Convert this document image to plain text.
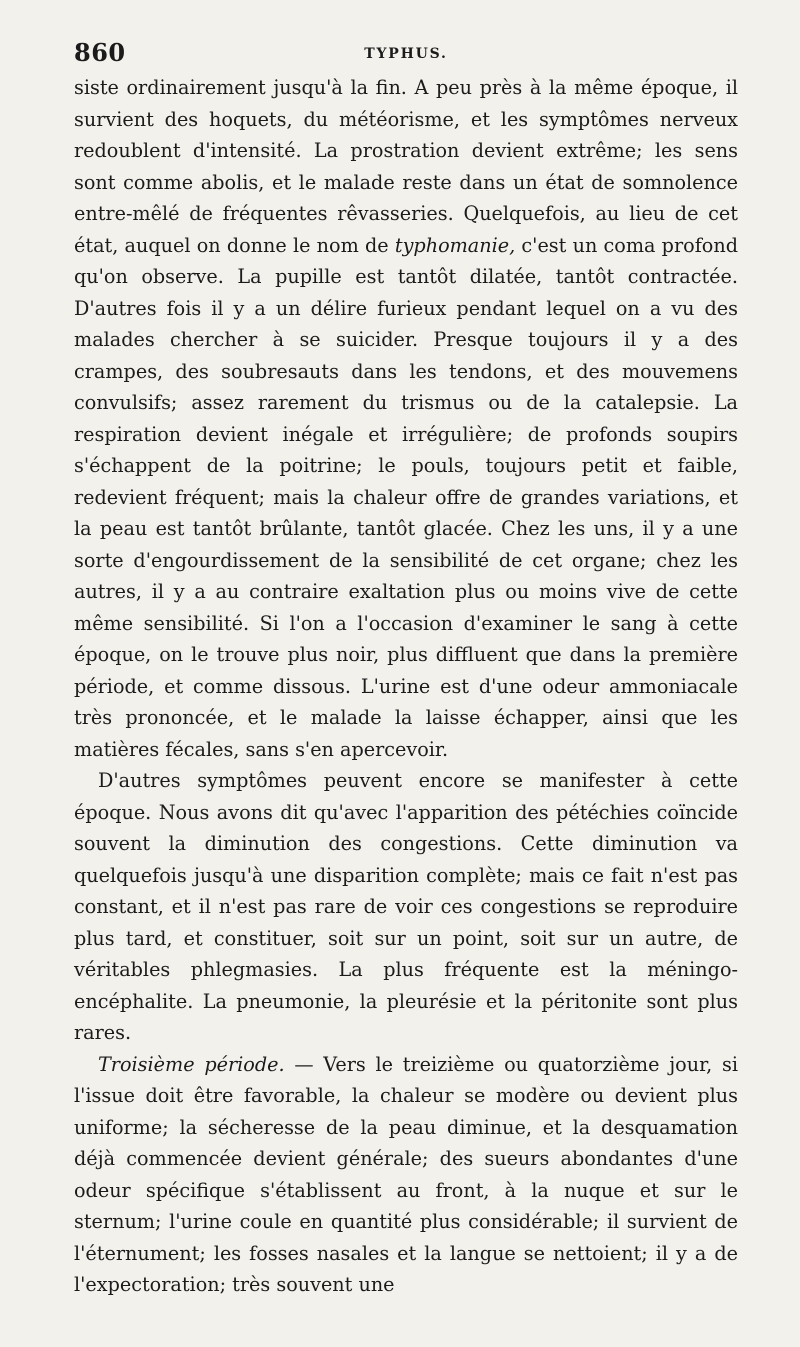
860	TYPHUS.

siste ordinairement jusqu'à la fin. A peu près à la même époque, il survient des hoquets, du météorisme, et les symptômes nerveux redoublent d'intensité. La prostration devient extrême; les sens sont comme abolis, et le malade reste dans un état de somnolence entre-mêlé de fréquentes rêvasseries. Quelquefois, au lieu de cet état, auquel on donne le nom de typhomanie, c'est un coma profond qu'on observe. La pupille est tantôt dilatée, tantôt contractée. D'autres fois il y a un délire furieux pendant lequel on a vu des malades chercher à se suicider. Presque toujours il y a des crampes, des soubresauts dans les tendons, et des mouvemens convulsifs; assez rarement du trismus ou de la catalepsie. La respiration devient inégale et irrégulière; de profonds soupirs s'échappent de la poitrine; le pouls, toujours petit et faible, redevient fréquent; mais la chaleur offre de grandes variations, et la peau est tantôt brûlante, tantôt glacée. Chez les uns, il y a une sorte d'engourdissement de la sensibilité de cet organe; chez les autres, il y a au contraire exaltation plus ou moins vive de cette même sensibilité. Si l'on a l'occasion d'examiner le sang à cette époque, on le trouve plus noir, plus diffluent que dans la première période, et comme dissous. L'urine est d'une odeur ammoniacale très prononcée, et le malade la laisse échapper, ainsi que les matières fécales, sans s'en apercevoir.

D'autres symptômes peuvent encore se manifester à cette époque. Nous avons dit qu'avec l'apparition des pétéchies coïncide souvent la diminution des congestions. Cette diminution va quelquefois jusqu'à une disparition complète; mais ce fait n'est pas constant, et il n'est pas rare de voir ces congestions se reproduire plus tard, et constituer, soit sur un point, soit sur un autre, de véritables phlegmasies. La plus fréquente est la méningo-encéphalite. La pneumonie, la pleurésie et la péritonite sont plus rares.

Troisième période. — Vers le treizième ou quatorzième jour, si l'issue doit être favorable, la chaleur se modère ou devient plus uniforme; la sécheresse de la peau diminue, et la desquamation déjà commencée devient générale; des sueurs abondantes d'une odeur spécifique s'établissent au front, à la nuque et sur le sternum; l'urine coule en quantité plus considérable; il survient de l'éternument; les fosses nasales et la langue se nettoient; il y a de l'expectoration; très souvent une
